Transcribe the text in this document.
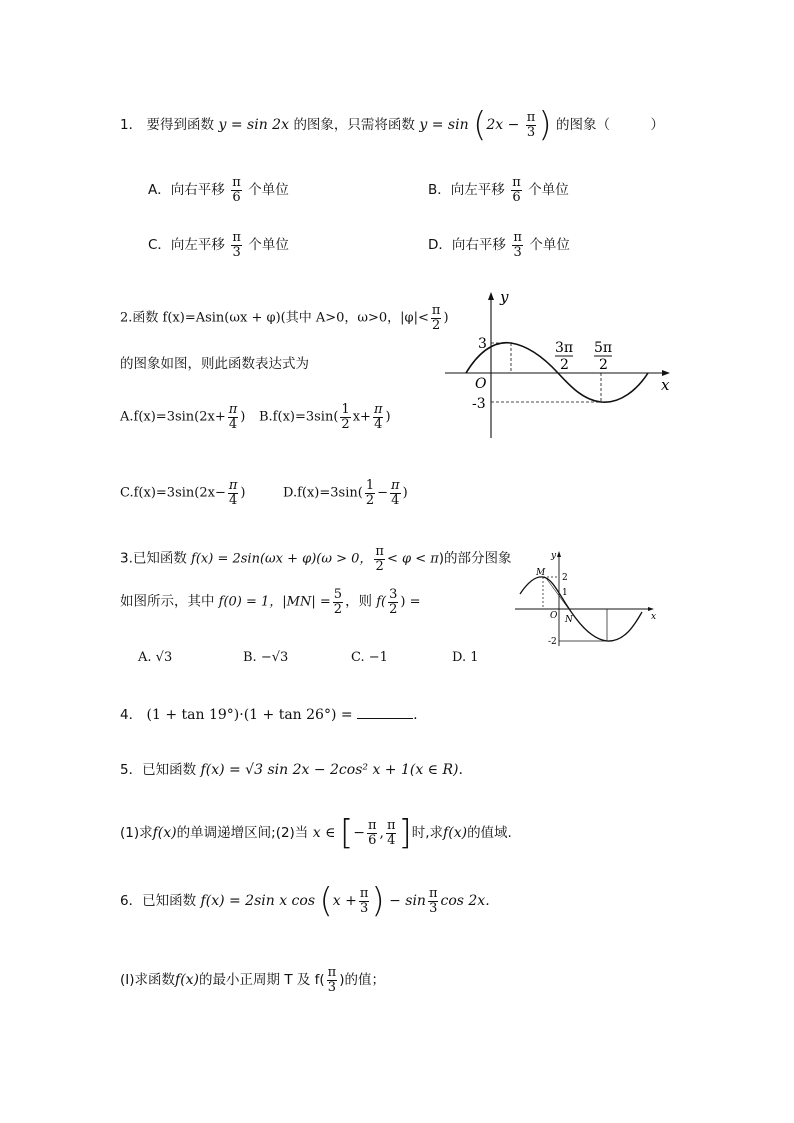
1． 要得到函数 y = sin 2x 的图象，只需将函数 $y = \sin (2x - \frac{\pi}{3}$ ) 的图象（　　　）
A．向右平移 $\frac{\pi}{6}$ 个单位	B．向左平移 $\frac{\pi}{6}$ 个单位
C．向左平移 $\frac{\pi}{3}$ 个单位	D．向右平移 $\frac{\pi}{3}$ 个单位
2.函数 f(x)=Asin(ωx + φ)(其中 A>0，ω>0，$|\varphi|< \frac{\pi}{2}$ )
的图象如图，则此函数表达式为
$A.f(x)=3\sin(2x+ \frac{\pi}{4}$ ) $B.f(x)=3\sin( \frac{1}{2} x+ \frac{\pi}{4}$ )
$C.f(x)=3\sin(2x- \frac{\pi}{4}$ )	$D.f(x)=3\sin( \frac{1}{2} - \frac{\pi}{4}$ )
y
x
O
3
-3
3π
2
5π
2
3.已知函数 f(x) = 2sin(ωx + φ)(ω > 0， $\frac{\pi}{2} < \varphi < \pi$)的部分图象
如图所示，其中 f(0) = 1，$|MN| = \frac{5}{2}$ ，则 $f( \frac{3}{2}$ ) =
A. √3	B. −√3	C. −1	D. 1
y
x
O
M
N
2
1
-2
4． (1 + tan 19°)·(1 + tan 26°) =	.
5．已知函数 f(x) = √3 sin 2x − 2cos² x + 1(x ∈ R).
(1)求f(x)的单调递增区间;(2)当 x ∈ [− $\frac{\pi}{6}$ , $\frac{\pi}{4}$ ]时,求f(x)的值域.
6．已知函数 f(x) = 2sin x $\cos (x + \frac{\pi}{3}$ ) − $\sin \frac{\pi}{3}$ cos 2x.
(Ⅰ)求函数f(x)的最小正周期 T 及 $f( \frac{\pi}{3}$ )的值；
